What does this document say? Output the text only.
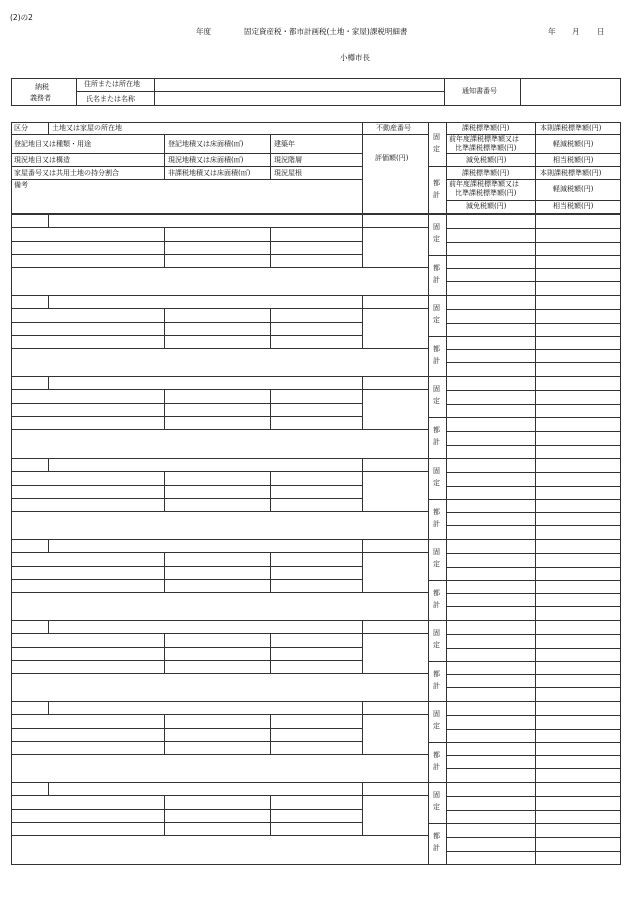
(2)の2
年度	固定資産税・都市計画税(土地・家屋)課税明細書	年 月 日
小樽市長
納税
義務者
住所または所在地
氏名または名称
通知書番号
区分	土地又は家屋の所在地	不動産番号
登記地目又は種類・用途	登記地積又は床面積(㎡)	建築年
現況地目又は構造	現況地積又は床面積(㎡)	現況階層
家屋番号又は共用土地の持分割合	非課税地積又は床面積(㎡)	現況屋根
備考
評価額(円)
固
定
都
計
課税標準額(円)	本則課税標準額(円)
前年度課税標準額又は
比準課税標準額(円)	軽減税額(円)
減免税額(円)	相当税額(円)
課税標準額(円)	本則課税標準額(円)
前年度課税標準額又は
比準課税標準額(円)	軽減税額(円)
減免税額(円)	相当税額(円)
固
定
都
計
固
定
都
計
固
定
都
計
固
定
都
計
固
定
都
計
固
定
都
計
固
定
都
計
固
定
都
計
